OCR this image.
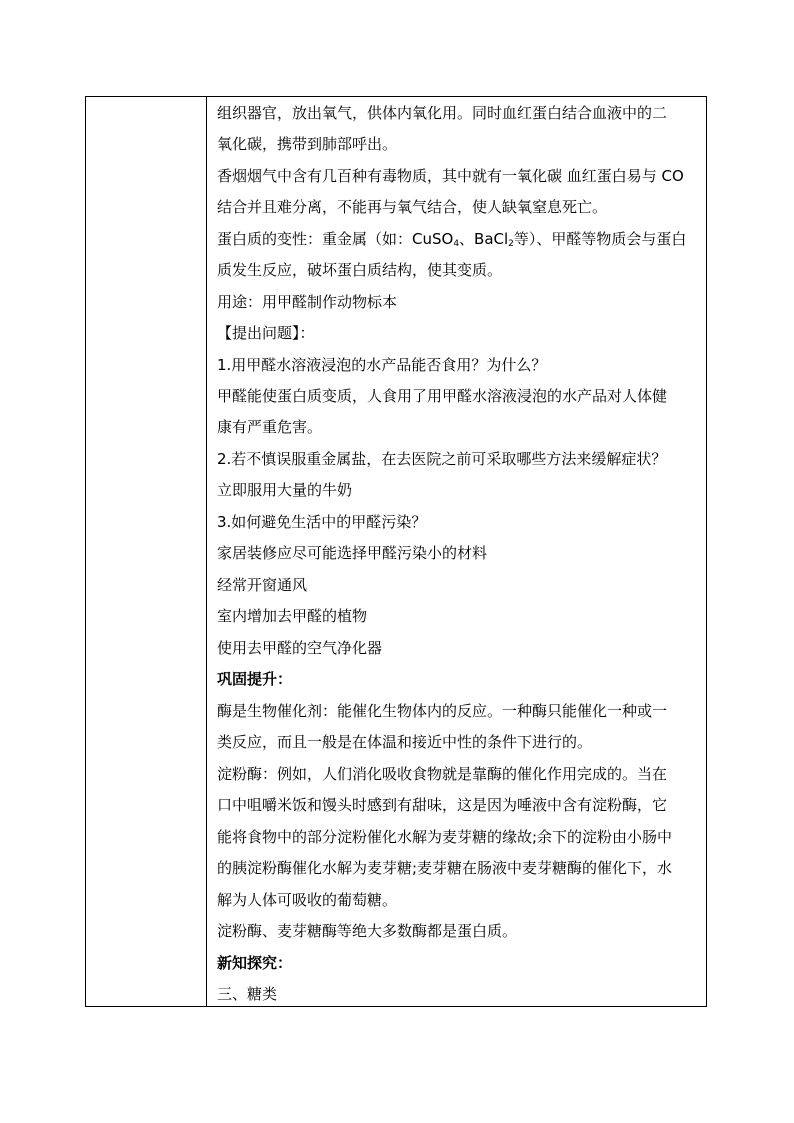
组织器官，放出氧气，供体内氧化用。同时血红蛋白结合血液中的二
氧化碳，携带到肺部呼出。
香烟烟气中含有几百种有毒物质，其中就有一氧化碳 血红蛋白易与 CO
结合并且难分离，不能再与氧气结合，使人缺氧窒息死亡。
蛋白质的变性：重金属（如：CuSO$_4$、BaCl$_2$等）、甲醛等物质会与蛋白
质发生反应，破坏蛋白质结构，使其变质。
用途：用甲醛制作动物标本
【提出问题】：
1.用甲醛水溶液浸泡的水产品能否食用？为什么？
甲醛能使蛋白质变质，人食用了用甲醛水溶液浸泡的水产品对人体健
康有严重危害。
2.若不慎误服重金属盐，在去医院之前可采取哪些方法来缓解症状？
立即服用大量的牛奶
3.如何避免生活中的甲醛污染？
家居装修应尽可能选择甲醛污染小的材料
经常开窗通风
室内增加去甲醛的植物
使用去甲醛的空气净化器
巩固提升：
酶是生物催化剂：能催化生物体内的反应。一种酶只能催化一种或一
类反应，而且一般是在体温和接近中性的条件下进行的。
淀粉酶：例如，人们消化吸收食物就是靠酶的催化作用完成的。当在
口中咀嚼米饭和馒头时感到有甜味，这是因为唾液中含有淀粉酶，它
能将食物中的部分淀粉催化水解为麦芽糖的缘故;余下的淀粉由小肠中
的胰淀粉酶催化水解为麦芽糖;麦芽糖在肠液中麦芽糖酶的催化下，水
解为人体可吸收的葡萄糖。
淀粉酶、麦芽糖酶等绝大多数酶都是蛋白质。
新知探究：
三、糖类
